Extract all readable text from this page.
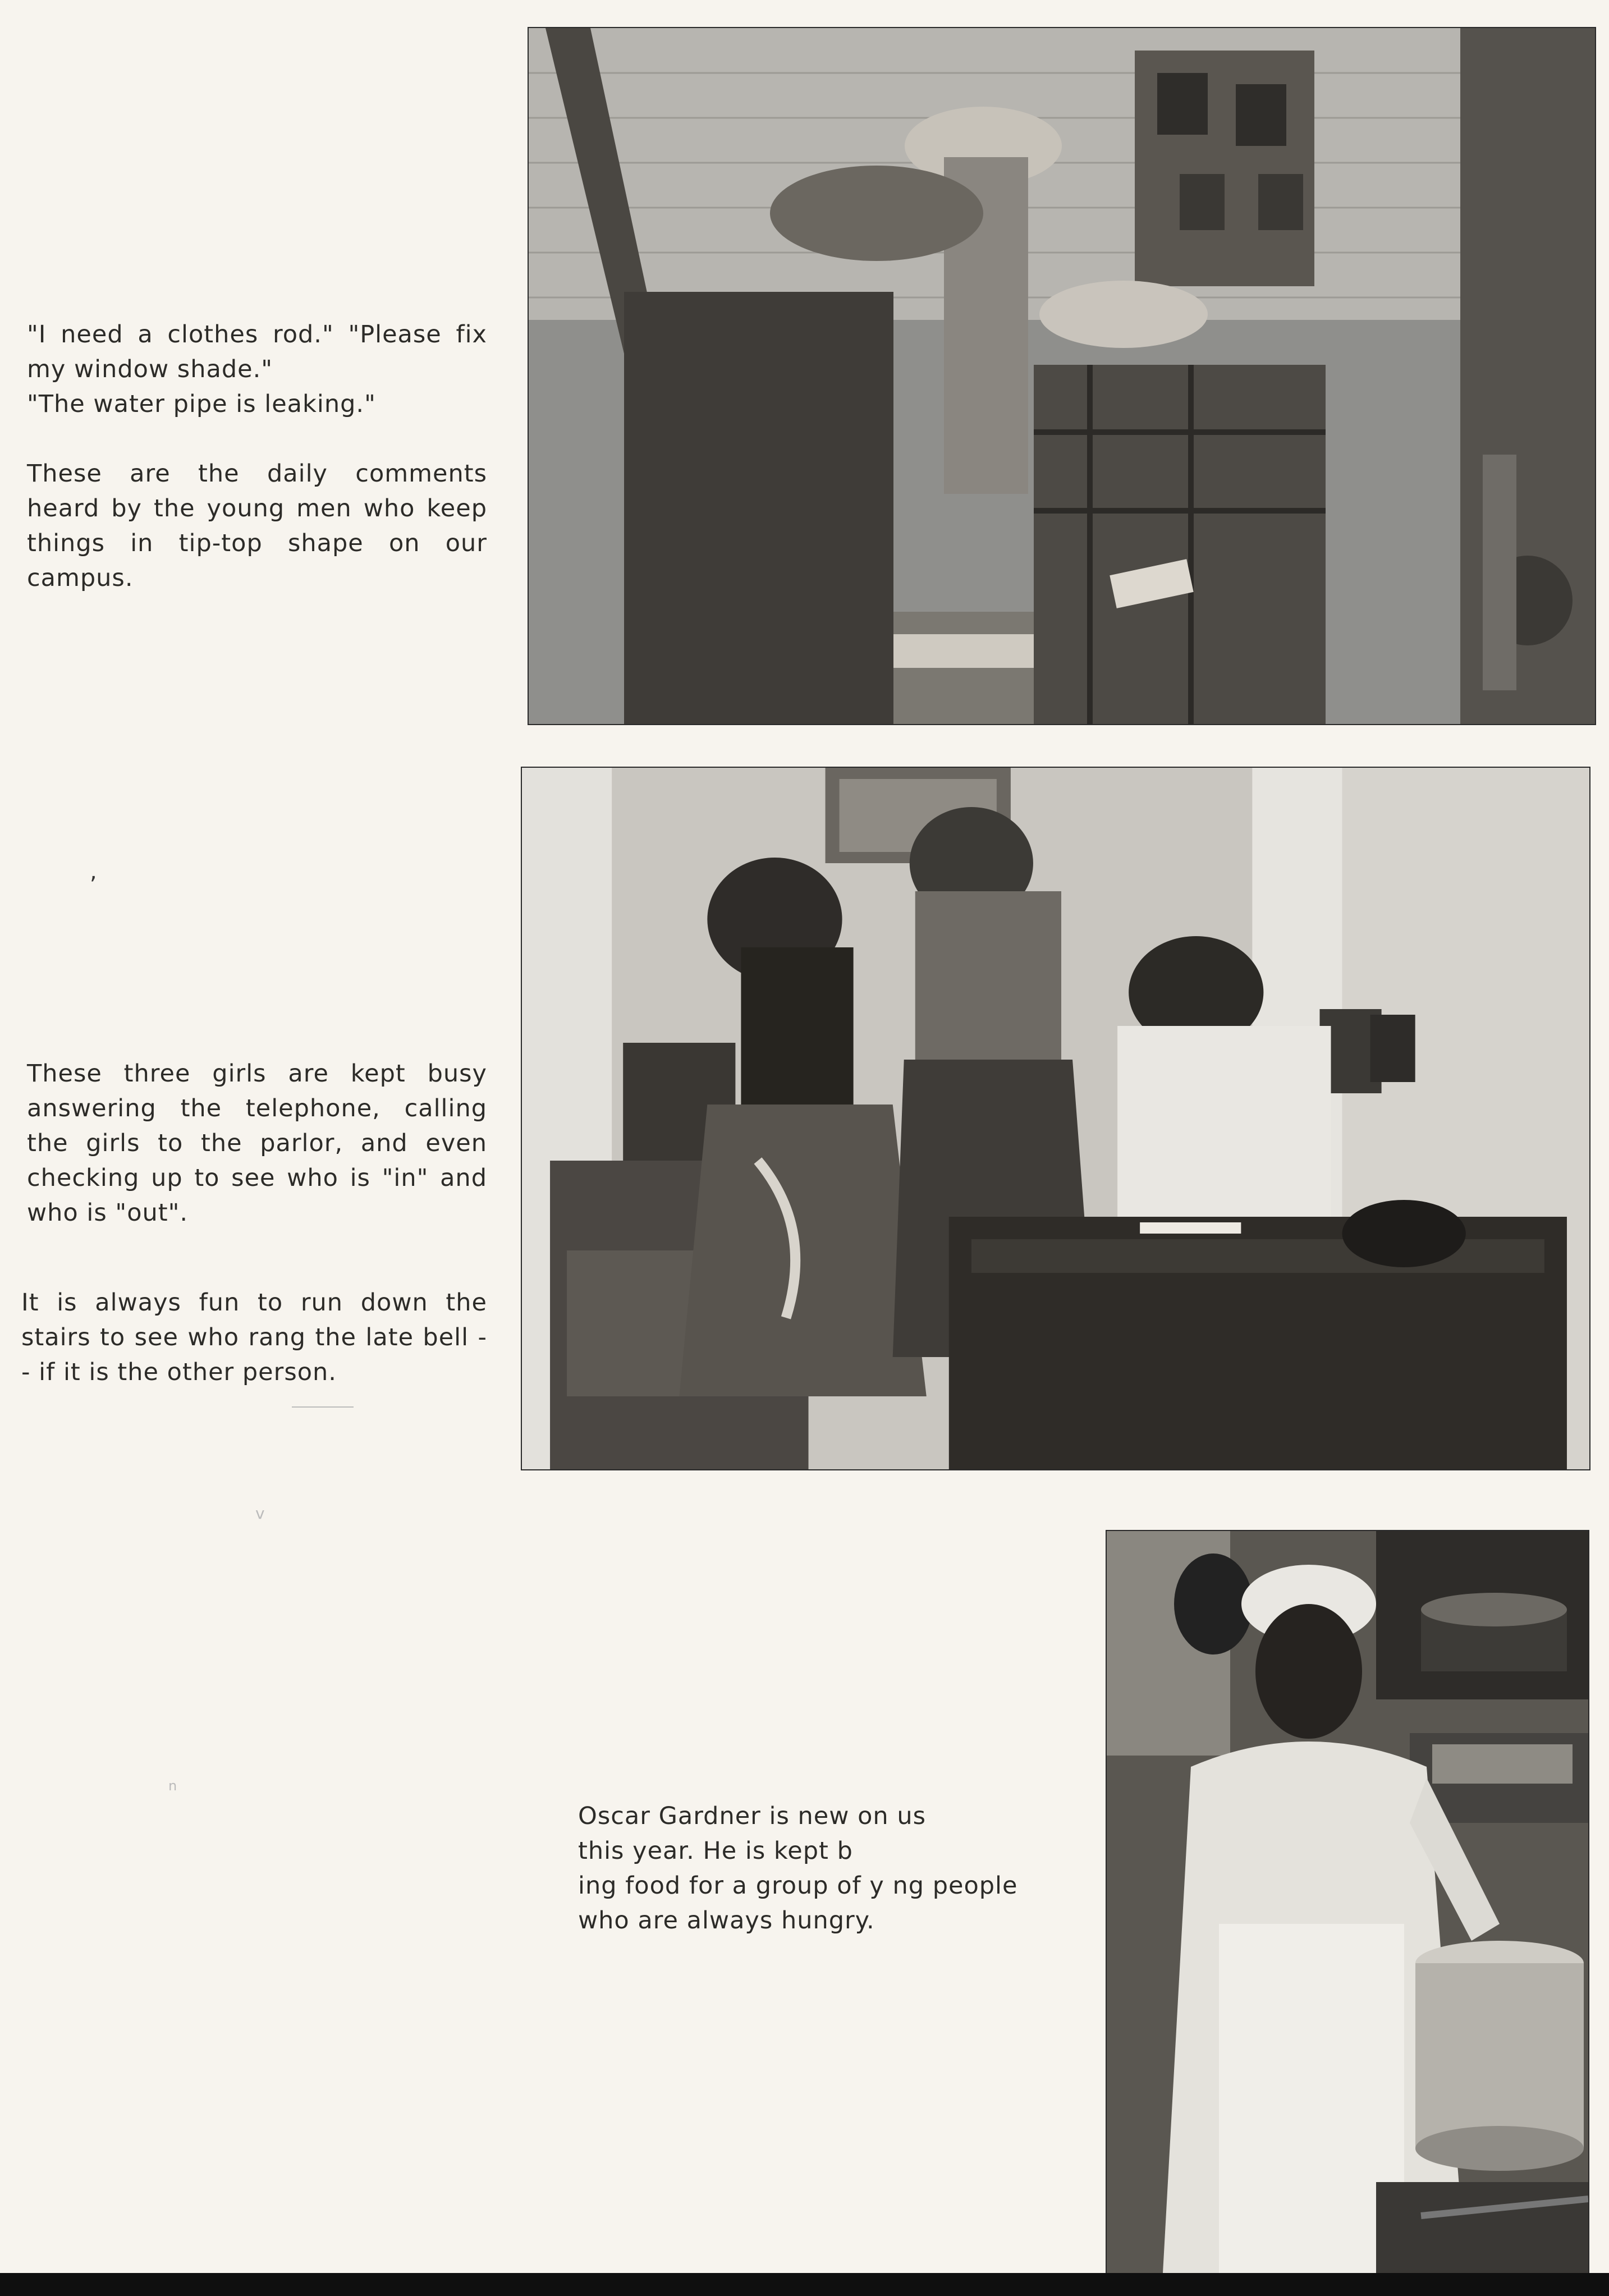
"I need a clothes rod." "Please fix my window shade."
"The water pipe is leaking."

These are the daily comments heard by the young men who keep things in tip-top shape on our campus.
These three girls are kept busy answering the telephone, calling the girls to the parlor, and even checking up to see who is "in" and who is "out".
It is always fun to run down the stairs to see who rang the late bell -- if it is the other person.
,
Oscar Gardner is new on us
this year. He is kept b
ing food for a group of y ng people
who are always hungry.
v
n
